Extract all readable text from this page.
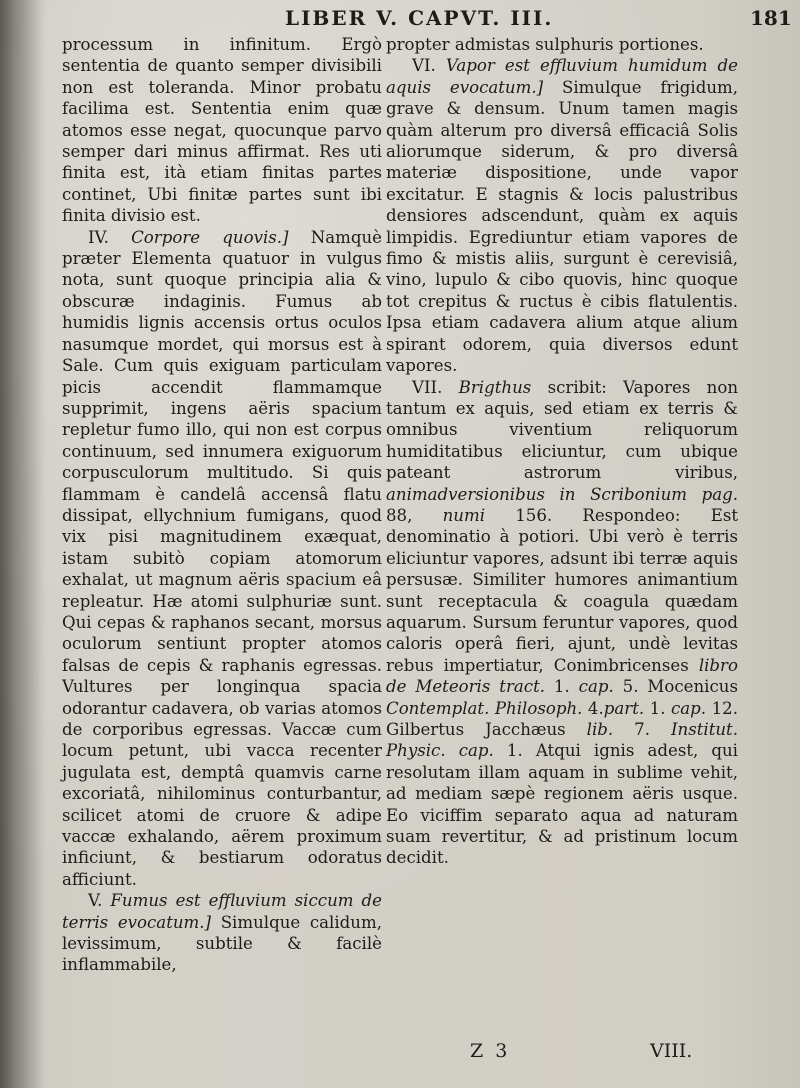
LIBER V. CAPVT. III.	181

processum in infinitum. Ergò sententia de quanto semper divisibili non est toleranda. Minor probatu facilima est. Sententia enim quæ atomos esse negat, quocunque parvo semper dari minus affirmat. Res uti finita est, ità etiam finitas partes continet, Ubi finitæ partes sunt ibi finita divisio est.

IV. Corpore quovis.] Namquè præter Elementa quatuor in vulgus nota, sunt quoque principia alia & obscuræ indaginis. Fumus ab humidis lignis accensis ortus oculos nasumque mordet, qui morsus est à Sale. Cum quis exiguam particulam picis accendit flammamque supprimit, ingens aëris spacium repletur fumo illo, qui non est corpus continuum, sed innumera exiguorum corpusculorum multitudo. Si quis flammam è candelâ accensâ flatu dissipat, ellychnium fumigans, quod vix pisi magnitudinem exæquat, istam subitò copiam atomorum exhalat, ut magnum aëris spacium eâ repleatur. Hæ atomi sulphuriæ sunt. Qui cepas & raphanos secant, morsus oculorum sentiunt propter atomos falsas de cepis & raphanis egressas. Vultures per longinqua spacia odorantur cadavera, ob varias atomos de corporibus egressas. Vaccæ cum locum petunt, ubi vacca recenter jugulata est, demptâ quamvis carne excoriatâ, nihilominus conturbantur, scilicet atomi de cruore & adipe vaccæ exhalando, aërem proximum inficiunt, & bestiarum odoratus afficiunt.

V. Fumus est effluvium siccum de terris evocatum.] Simulque calidum, levissimum, subtile & facilè inflammabile,

propter admistas sulphuris portiones.

VI. Vapor est effluvium humidum de aquis evocatum.] Simulque frigidum, grave & densum. Unum tamen magis quàm alterum pro diversâ efficaciâ Solis aliorumque siderum, & pro diversâ materiæ dispositione, unde vapor excitatur. E stagnis & locis palustribus densiores adscendunt, quàm ex aquis limpidis. Egrediuntur etiam vapores de fimo & mistis aliis, surgunt è cerevisiâ, vino, lupulo & cibo quovis, hinc quoque tot crepitus & ructus è cibis flatulentis. Ipsa etiam cadavera alium atque alium spirant odorem, quia diversos edunt vapores.

VII. Brigthus scribit: Vapores non tantum ex aquis, sed etiam ex terris & omnibus viventium reliquorum humiditatibus eliciuntur, cum ubique pateant astrorum viribus, animadversionibus in Scribonium pag. 88, numi 156. Respondeo: Est denominatio à potiori. Ubi verò è terris eliciuntur vapores, adsunt ibi terræ aquis persusæ. Similiter humores animantium sunt receptacula & coagula quædam aquarum. Sursum feruntur vapores, quod caloris operâ fieri, ajunt, undè levitas rebus impertiatur, Conimbricenses libro de Meteoris tract. 1. cap. 5. Mocenicus Contemplat. Philosoph. 4.part. 1. cap. 12. Gilbertus Jacchæus lib. 7. Institut. Physic. cap. 1. Atqui ignis adest, qui resolutam illam aquam in sublime vehit, ad mediam sæpè regionem aëris usque. Eo viciffim separato aqua ad naturam suam revertitur, & ad pristinum locum decidit.

Z 3	VIII.
